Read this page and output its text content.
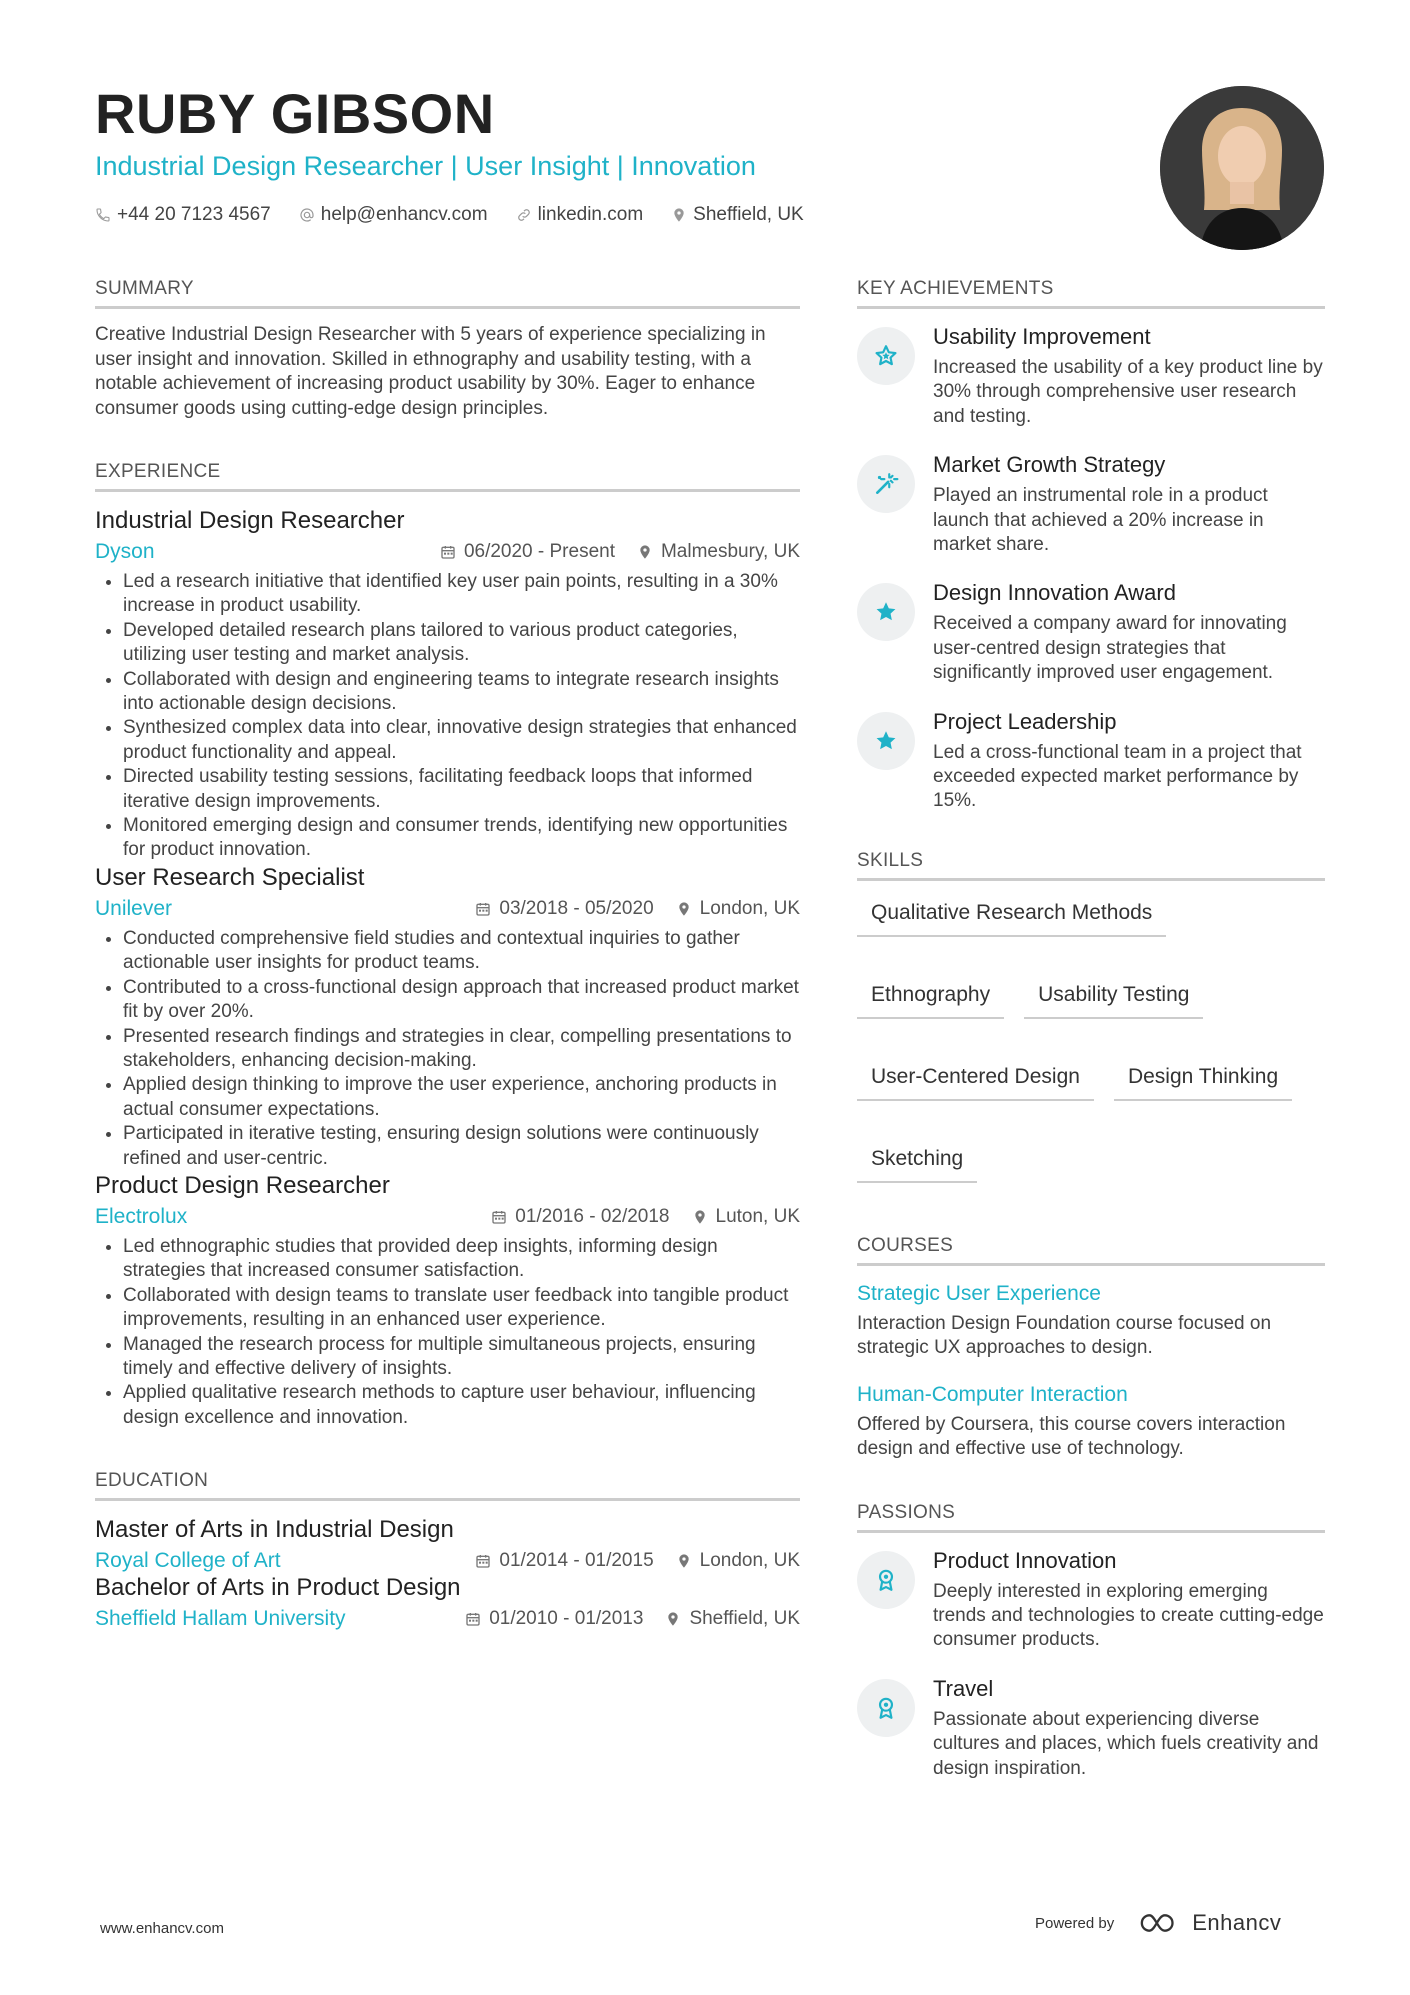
RUBY GIBSON
Industrial Design Researcher | User Insight | Innovation
+44 20 7123 4567	help@enhancv.com	linkedin.com	Sheffield, UK
SUMMARY

Creative Industrial Design Researcher with 5 years of experience specializing in user insight and innovation. Skilled in ethnography and usability testing, with a notable achievement of increasing product usability by 30%. Eager to enhance consumer goods using cutting-edge design principles.

EXPERIENCE
Industrial Design Researcher
Dyson	06/2020 - Present Malmesbury, UK
• Led a research initiative that identified key user pain points, resulting in a 30% increase in product usability.
• Developed detailed research plans tailored to various product categories, utilizing user testing and market analysis.
• Collaborated with design and engineering teams to integrate research insights into actionable design decisions.
• Synthesized complex data into clear, innovative design strategies that enhanced product functionality and appeal.
• Directed usability testing sessions, facilitating feedback loops that informed iterative design improvements.
• Monitored emerging design and consumer trends, identifying new opportunities for product innovation.
User Research Specialist
Unilever	03/2018 - 05/2020 London, UK
• Conducted comprehensive field studies and contextual inquiries to gather actionable user insights for product teams.
• Contributed to a cross-functional design approach that increased product market fit by over 20%.
• Presented research findings and strategies in clear, compelling presentations to stakeholders, enhancing decision-making.
• Applied design thinking to improve the user experience, anchoring products in actual consumer expectations.
• Participated in iterative testing, ensuring design solutions were continuously refined and user-centric.
Product Design Researcher
Electrolux	01/2016 - 02/2018 Luton, UK
• Led ethnographic studies that provided deep insights, informing design strategies that increased consumer satisfaction.
• Collaborated with design teams to translate user feedback into tangible product improvements, resulting in an enhanced user experience.
• Managed the research process for multiple simultaneous projects, ensuring timely and effective delivery of insights.
• Applied qualitative research methods to capture user behaviour, influencing design excellence and innovation.
EDUCATION
Master of Arts in Industrial Design
Royal College of Art	01/2014 - 01/2015 London, UK
Bachelor of Arts in Product Design
Sheffield Hallam University	01/2010 - 01/2013 Sheffield, UK
KEY ACHIEVEMENTS
Usability Improvement
Increased the usability of a key product line by 30% through comprehensive user research and testing.
Market Growth Strategy
Played an instrumental role in a product launch that achieved a 20% increase in market share.
Design Innovation Award
Received a company award for innovating user-centred design strategies that significantly improved user engagement.
Project Leadership
Led a cross-functional team in a project that exceeded expected market performance by 15%.
SKILLS
Qualitative Research Methods
Ethnography	Usability Testing
User-Centered Design	Design Thinking
Sketching
COURSES
Strategic User Experience
Interaction Design Foundation course focused on strategic UX approaches to design.
Human-Computer Interaction
Offered by Coursera, this course covers interaction design and effective use of technology.
PASSIONS
Product Innovation
Deeply interested in exploring emerging trends and technologies to create cutting-edge consumer products.
Travel
Passionate about experiencing diverse cultures and places, which fuels creativity and design inspiration.
www.enhancv.com	Powered by	Enhancv
